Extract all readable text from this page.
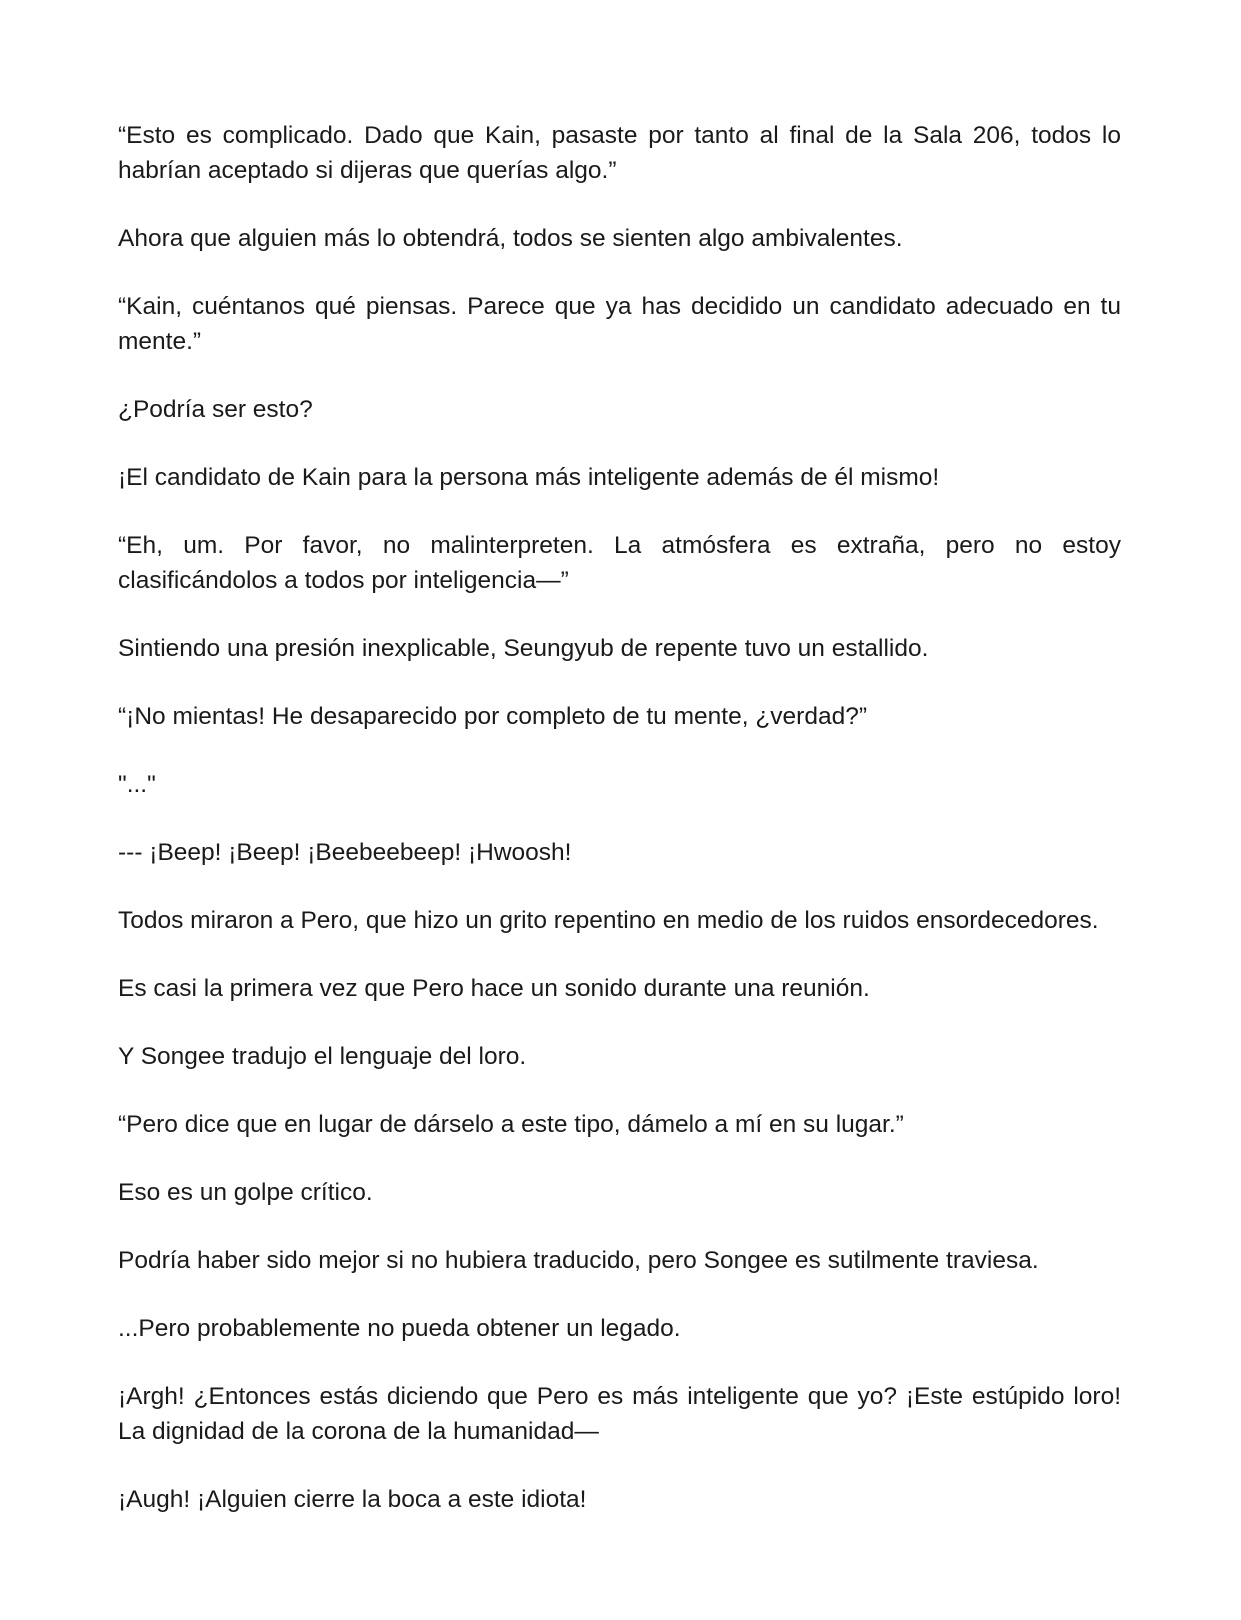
“Esto es complicado. Dado que Kain, pasaste por tanto al final de la Sala 206, todos lo habrían aceptado si dijeras que querías algo.”

Ahora que alguien más lo obtendrá, todos se sienten algo ambivalentes.

“Kain, cuéntanos qué piensas. Parece que ya has decidido un candidato adecuado en tu mente.”

¿Podría ser esto?

¡El candidato de Kain para la persona más inteligente además de él mismo!

“Eh, um. Por favor, no malinterpreten. La atmósfera es extraña, pero no estoy clasificándolos a todos por inteligencia—”

Sintiendo una presión inexplicable, Seungyub de repente tuvo un estallido.

“¡No mientas! He desaparecido por completo de tu mente, ¿verdad?”

"..."

--- ¡Beep! ¡Beep! ¡Beebeebeep! ¡Hwoosh!

Todos miraron a Pero, que hizo un grito repentino en medio de los ruidos ensordecedores.

Es casi la primera vez que Pero hace un sonido durante una reunión.

Y Songee tradujo el lenguaje del loro.

“Pero dice que en lugar de dárselo a este tipo, dámelo a mí en su lugar.”

Eso es un golpe crítico.

Podría haber sido mejor si no hubiera traducido, pero Songee es sutilmente traviesa.

...Pero probablemente no pueda obtener un legado.

¡Argh! ¿Entonces estás diciendo que Pero es más inteligente que yo? ¡Este estúpido loro! La dignidad de la corona de la humanidad—

¡Augh! ¡Alguien cierre la boca a este idiota!
